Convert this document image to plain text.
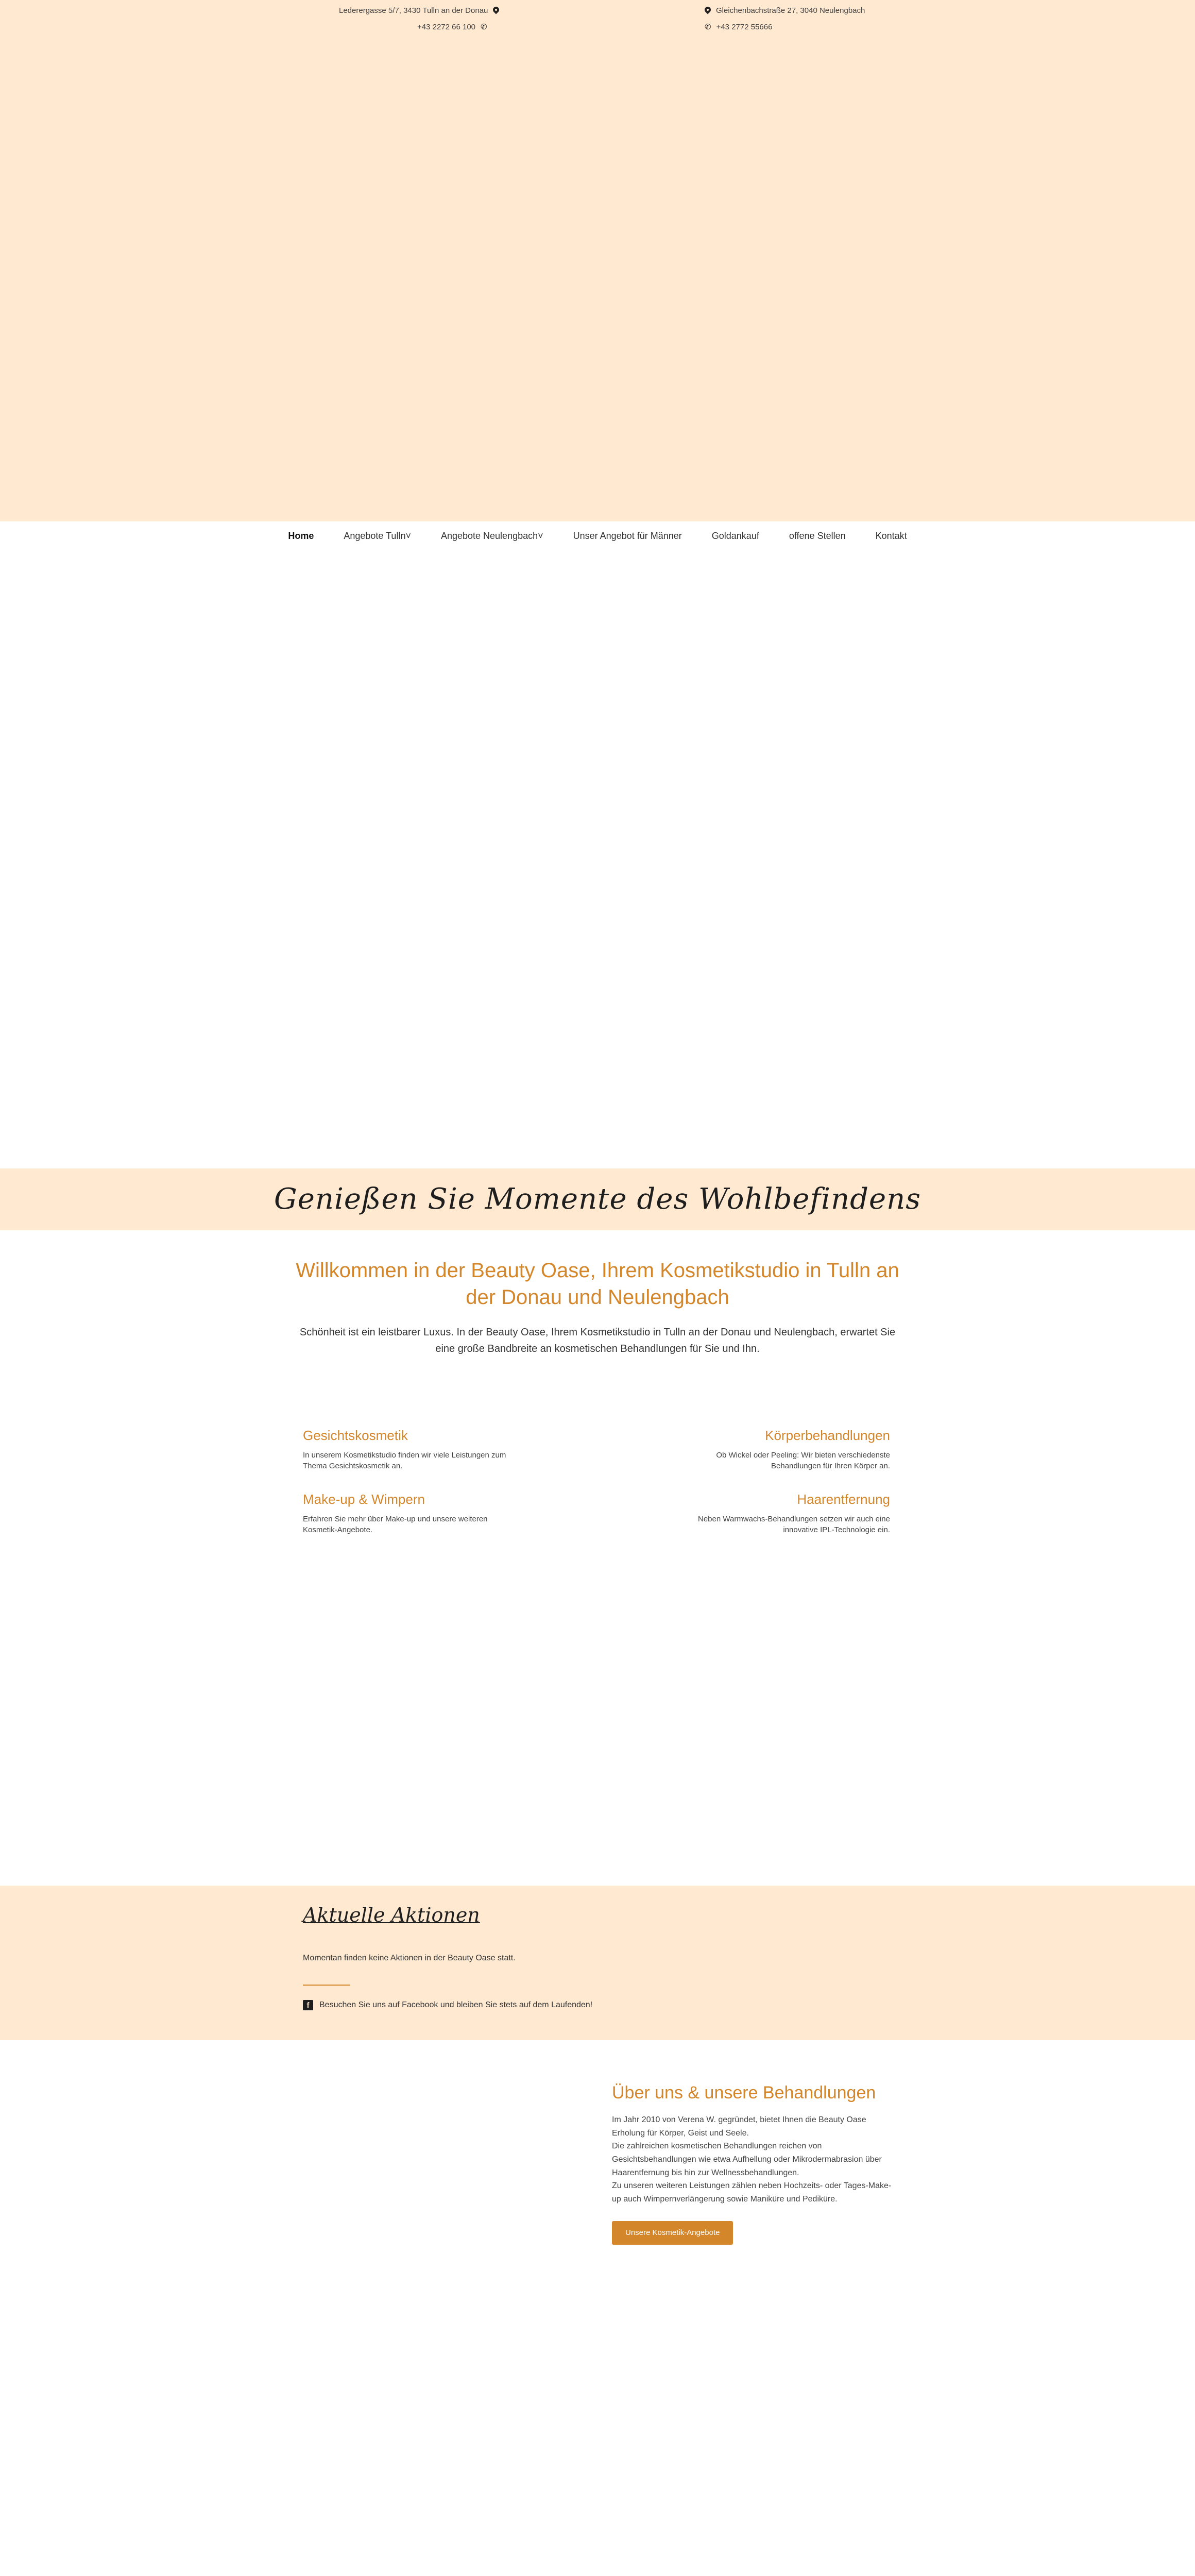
Lederergasse 5/7, 3430 Tulln an der Donau
+43 2272 66 100 ✆
Gleichenbachstraße 27, 3040 Neulengbach
✆ +43 2772 55666
Home	Angebote Tulln˅	Angebote Neulengbach˅	Unser Angebot für Männer	Goldankauf	offene Stellen	Kontakt
Genießen Sie Momente des Wohlbefindens
Willkommen in der Beauty Oase, Ihrem Kosmetikstudio in Tulln an der Donau und Neulengbach

Schönheit ist ein leistbarer Luxus. In der Beauty Oase, Ihrem Kosmetikstudio in Tulln an der Donau und Neulengbach, erwartet Sie eine große Bandbreite an kosmetischen Behandlungen für Sie und Ihn.

Gesichtskosmetik

In unserem Kosmetikstudio finden wir viele Leistungen zum Thema Gesichtskosmetik an.

Make-up & Wimpern

Erfahren Sie mehr über Make-up und unsere weiteren Kosmetik-Angebote.

Körperbehandlungen

Ob Wickel oder Peeling: Wir bieten verschiedenste Behandlungen für Ihren Körper an.

Haarentfernung

Neben Warmwachs-Behandlungen setzen wir auch eine innovative IPL-Technologie ein.

Aktuelle Aktionen

Momentan finden keine Aktionen in der Beauty Oase statt.

f	Besuchen Sie uns auf Facebook und bleiben Sie stets auf dem Laufenden!
Über uns & unsere Behandlungen

Im Jahr 2010 von Verena W. gegründet, bietet Ihnen die Beauty Oase Erholung für Körper, Geist und Seele.

Die zahlreichen kosmetischen Behandlungen reichen von Gesichtsbehandlungen wie etwa Aufhellung oder Mikrodermabrasion über Haarentfernung bis hin zur Wellnessbehandlungen.

Zu unseren weiteren Leistungen zählen neben Hochzeits- oder Tages-Make-up auch Wimpernverlängerung sowie Maniküre und Pediküre.

Unsere Kosmetik-Angebote
